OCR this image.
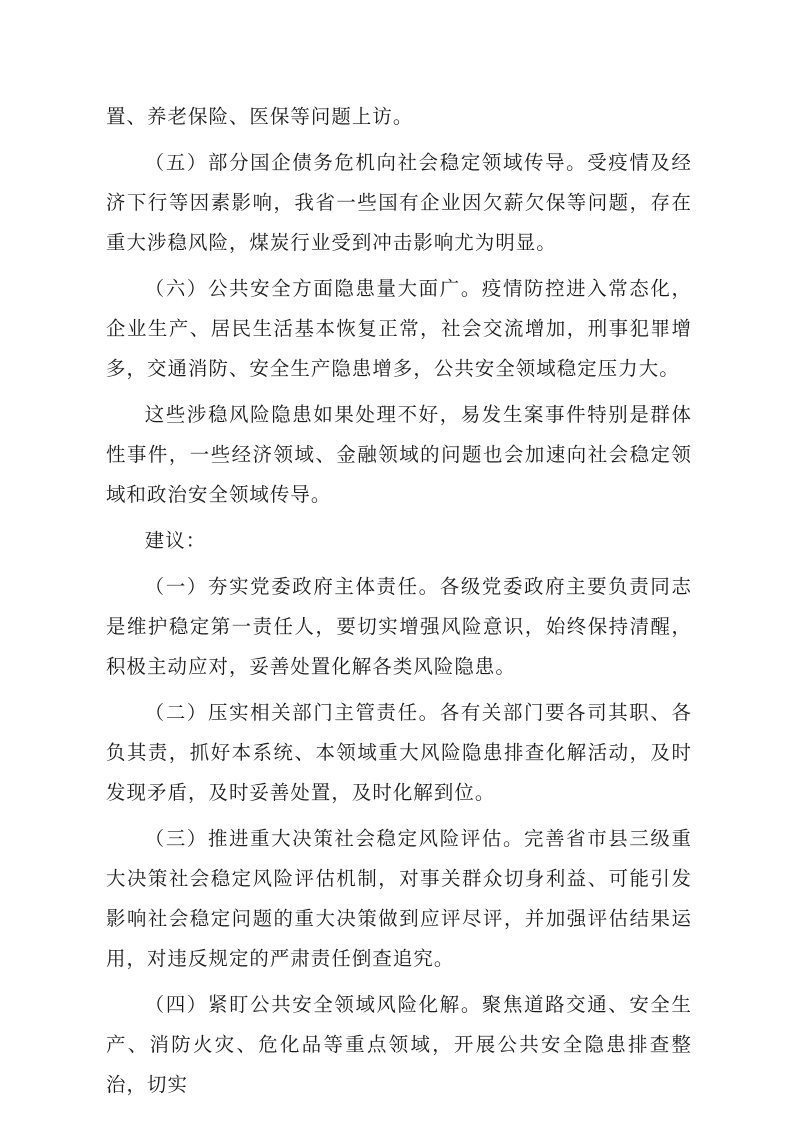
置、养老保险、医保等问题上访。

（五）部分国企债务危机向社会稳定领域传导。受疫情及经济下行等因素影响，我省一些国有企业因欠薪欠保等问题，存在重大涉稳风险，煤炭行业受到冲击影响尤为明显。

（六）公共安全方面隐患量大面广。疫情防控进入常态化，企业生产、居民生活基本恢复正常，社会交流增加，刑事犯罪增多，交通消防、安全生产隐患增多，公共安全领域稳定压力大。

这些涉稳风险隐患如果处理不好，易发生案事件特别是群体性事件，一些经济领域、金融领域的问题也会加速向社会稳定领域和政治安全领域传导。

建议：

（一）夯实党委政府主体责任。各级党委政府主要负责同志是维护稳定第一责任人，要切实增强风险意识，始终保持清醒，积极主动应对，妥善处置化解各类风险隐患。

（二）压实相关部门主管责任。各有关部门要各司其职、各负其责，抓好本系统、本领域重大风险隐患排查化解活动，及时发现矛盾，及时妥善处置，及时化解到位。

（三）推进重大决策社会稳定风险评估。完善省市县三级重大决策社会稳定风险评估机制，对事关群众切身利益、可能引发影响社会稳定问题的重大决策做到应评尽评，并加强评估结果运用，对违反规定的严肃责任倒查追究。

（四）紧盯公共安全领域风险化解。聚焦道路交通、安全生产、消防火灾、危化品等重点领域，开展公共安全隐患排查整治，切实
